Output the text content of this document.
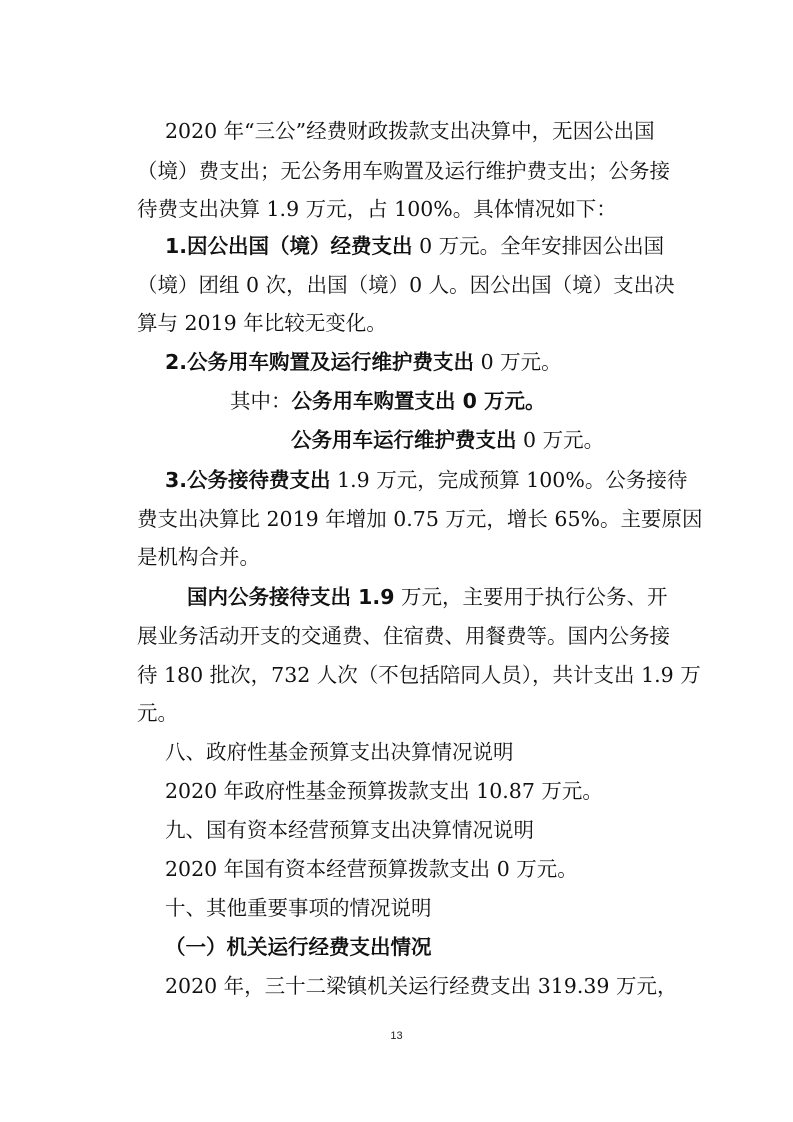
2020 年“三公”经费财政拨款支出决算中，无因公出国
（境）费支出；无公务用车购置及运行维护费支出；公务接
待费支出决算 1.9 万元，占 100%。具体情况如下：
1.因公出国（境）经费支出 0 万元。全年安排因公出国
（境）团组 0 次，出国（境）0 人。因公出国（境）支出决
算与 2019 年比较无变化。
2.公务用车购置及运行维护费支出 0 万元。
其中：公务用车购置支出 0 万元。
公务用车运行维护费支出 0 万元。
3.公务接待费支出 1.9 万元，完成预算 100%。公务接待
费支出决算比 2019 年增加 0.75 万元，增长 65%。主要原因
是机构合并。
国内公务接待支出 1.9 万元，主要用于执行公务、开
展业务活动开支的交通费、住宿费、用餐费等。国内公务接
待 180 批次，732 人次（不包括陪同人员），共计支出 1.9 万
元。
八、政府性基金预算支出决算情况说明
2020 年政府性基金预算拨款支出 10.87 万元。
九、国有资本经营预算支出决算情况说明
2020 年国有资本经营预算拨款支出 0 万元。
十、其他重要事项的情况说明
（一）机关运行经费支出情况
2020 年，三十二梁镇机关运行经费支出 319.39 万元，
13
